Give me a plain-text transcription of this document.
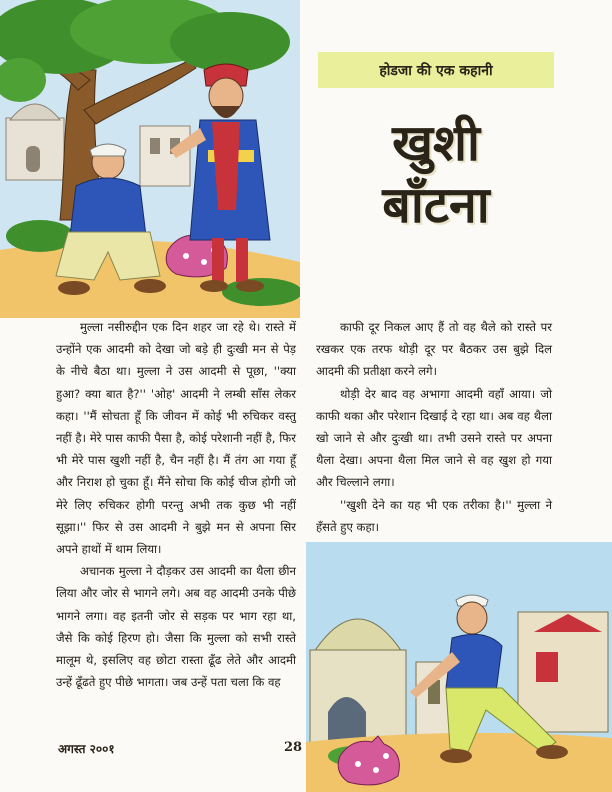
होडजा की एक कहानी
खुशी
बाँटना

मुल्ला नसीरुद्दीन एक दिन शहर जा रहे थे। रास्ते में उन्होंने एक आदमी को देखा जो बड़े ही दुःखी मन से पेड़ के नीचे बैठा था। मुल्ला ने उस आदमी से पूछा, ''क्या हुआ? क्या बात है?'' 'ओह' आदमी ने लम्बी साँस लेकर कहा। ''मैं सोचता हूँ कि जीवन में कोई भी रुचिकर वस्तु नहीं है। मेरे पास काफी पैसा है, कोई परेशानी नहीं है, फिर भी मेरे पास खुशी नहीं है, चैन नहीं है। मैं तंग आ गया हूँ और निराश हो चुका हूँ। मैंने सोचा कि कोई चीज होगी जो मेरे लिए रुचिकर होगी परन्तु अभी तक कुछ भी नहीं सूझा।'' फिर से उस आदमी ने बुझे मन से अपना सिर अपने हाथों में थाम लिया।

अचानक मुल्ला ने दौड़कर उस आदमी का थैला छीन लिया और जोर से भागने लगे। अब वह आदमी उनके पीछे भागने लगा। वह इतनी जोर से सड़क पर भाग रहा था, जैसे कि कोई हिरण हो। जैसा कि मुल्ला को सभी रास्ते मालूम थे, इसलिए वह छोटा रास्ता ढूँढ लेते और आदमी उन्हें ढूँढते हुए पीछे भागता। जब उन्हें पता चला कि वह

काफी दूर निकल आए हैं तो वह थैले को रास्ते पर रखकर एक तरफ थोड़ी दूर पर बैठकर उस बुझे दिल आदमी की प्रतीक्षा करने लगे।

थोड़ी देर बाद वह अभागा आदमी वहाँ आया। जो काफी थका और परेशान दिखाई दे रहा था। अब वह थैला खो जाने से और दुःखी था। तभी उसने रास्ते पर अपना थैला देखा। अपना थैला मिल जाने से वह खुश हो गया और चिल्लाने लगा।

''खुशी देने का यह भी एक तरीका है।'' मुल्ला ने हँसते हुए कहा।

अगस्त २००१	28
